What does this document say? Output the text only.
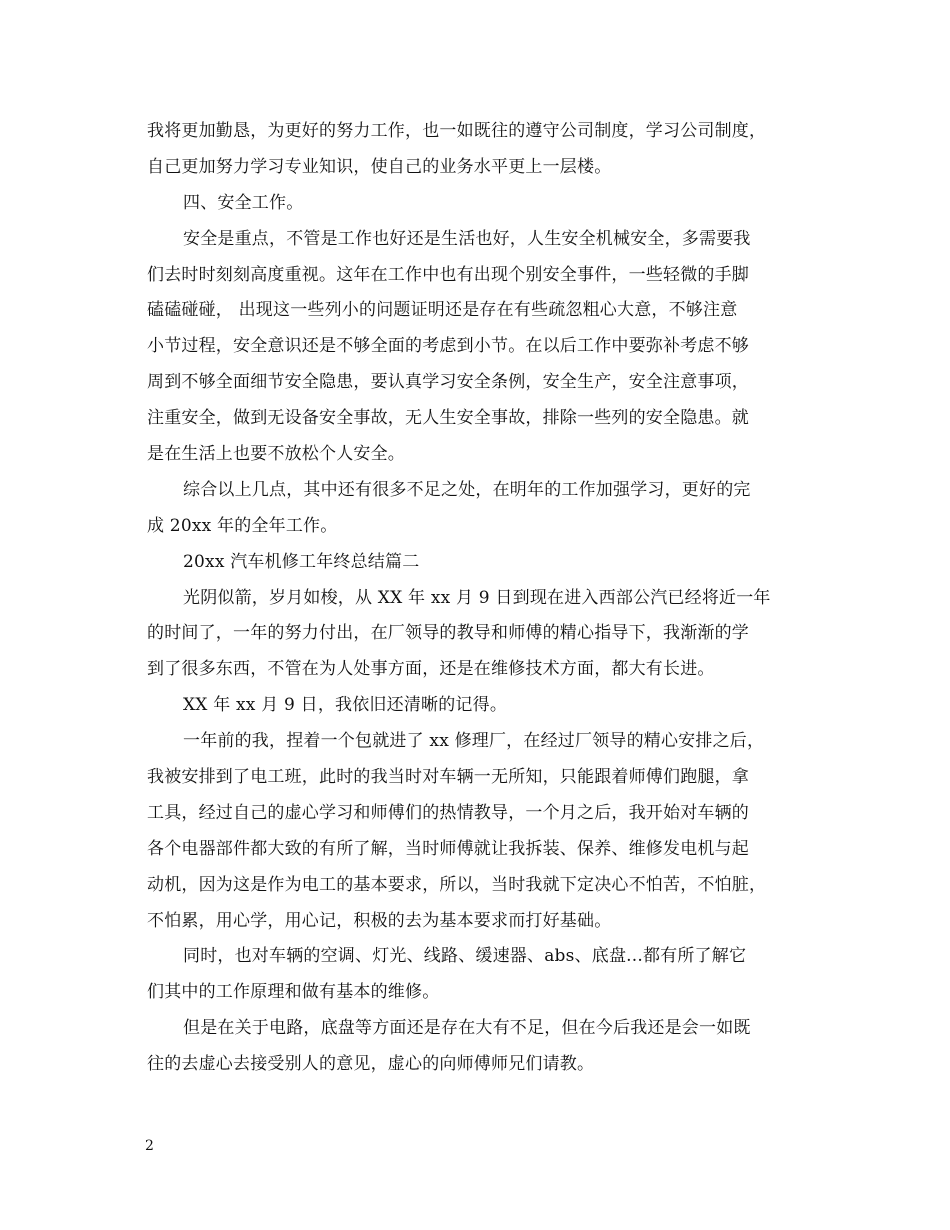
我将更加勤恳，为更好的努力工作，也一如既往的遵守公司制度，学习公司制度，
自己更加努力学习专业知识，使自己的业务水平更上一层楼。
四、安全工作。
安全是重点，不管是工作也好还是生活也好，人生安全机械安全，多需要我
们去时时刻刻高度重视。这年在工作中也有出现个别安全事件，一些轻微的手脚
磕磕碰碰， 出现这一些列小的问题证明还是存在有些疏忽粗心大意，不够注意
小节过程，安全意识还是不够全面的考虑到小节。在以后工作中要弥补考虑不够
周到不够全面细节安全隐患，要认真学习安全条例，安全生产，安全注意事项，
注重安全，做到无设备安全事故，无人生安全事故，排除一些列的安全隐患。就
是在生活上也要不放松个人安全。
综合以上几点，其中还有很多不足之处，在明年的工作加强学习，更好的完
成 20xx 年的全年工作。
20xx 汽车机修工年终总结篇二
光阴似箭，岁月如梭，从 XX 年 xx 月 9 日到现在进入西部公汽已经将近一年
的时间了，一年的努力付出，在厂领导的教导和师傅的精心指导下，我渐渐的学
到了很多东西，不管在为人处事方面，还是在维修技术方面，都大有长进。
XX 年 xx 月 9 日，我依旧还清晰的记得。
一年前的我，捏着一个包就进了 xx 修理厂，在经过厂领导的精心安排之后，
我被安排到了电工班，此时的我当时对车辆一无所知，只能跟着师傅们跑腿，拿
工具，经过自己的虚心学习和师傅们的热情教导，一个月之后，我开始对车辆的
各个电器部件都大致的有所了解，当时师傅就让我拆装、保养、维修发电机与起
动机，因为这是作为电工的基本要求，所以，当时我就下定决心不怕苦，不怕脏，
不怕累，用心学，用心记，积极的去为基本要求而打好基础。
同时，也对车辆的空调、灯光、线路、缓速器、abs、底盘...都有所了解它
们其中的工作原理和做有基本的维修。
但是在关于电路，底盘等方面还是存在大有不足，但在今后我还是会一如既
往的去虚心去接受别人的意见，虚心的向师傅师兄们请教。
2
